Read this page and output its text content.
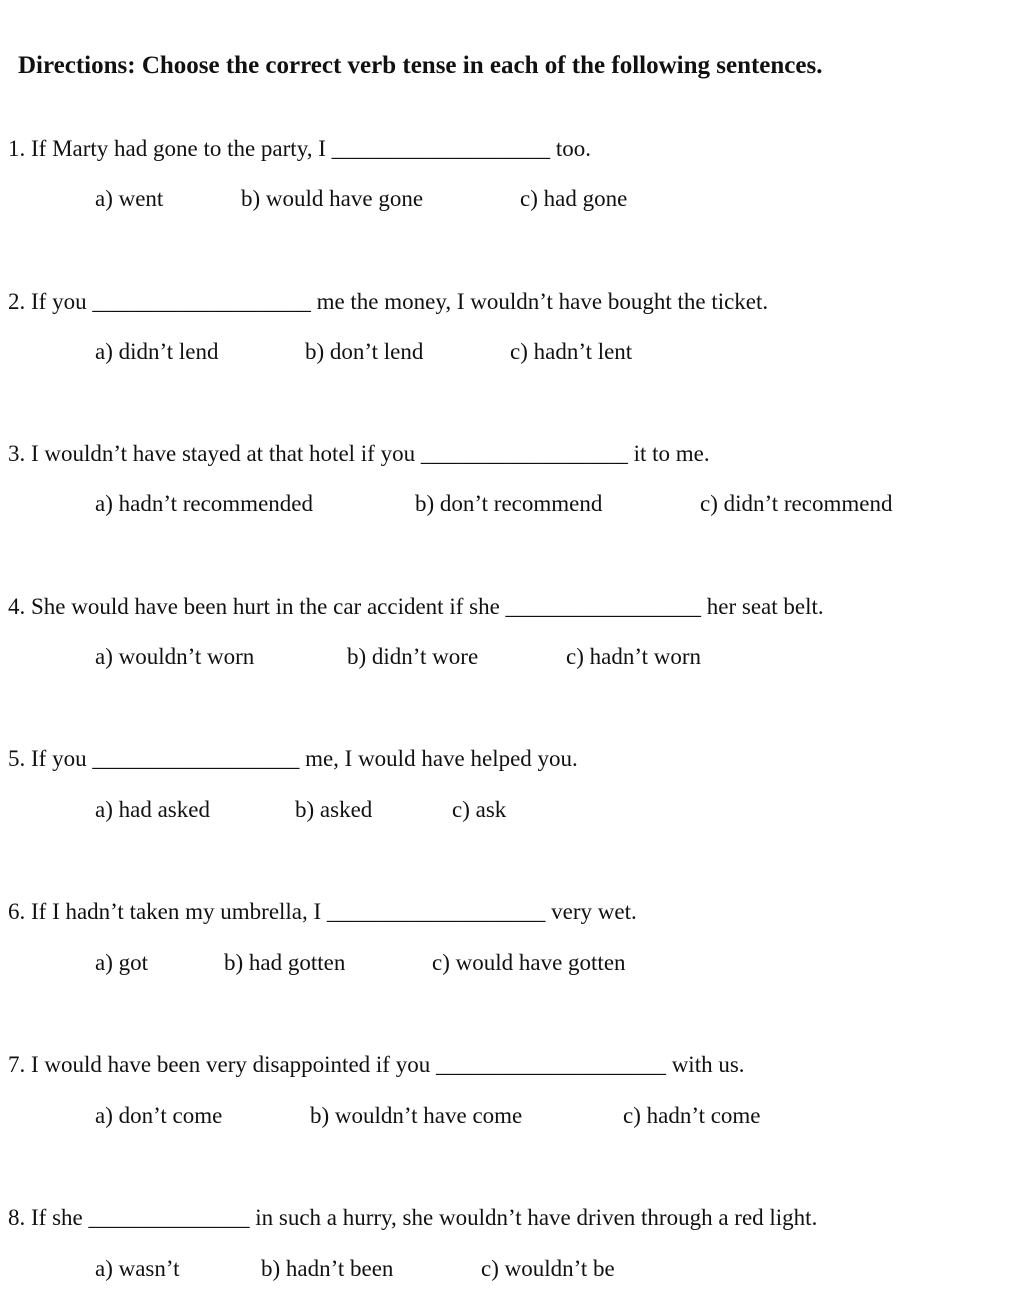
Directions: Choose the correct verb tense in each of the following sentences.
1. If Marty had gone to the party, I ___________________ too.
a) went	b) would have gone	c) had gone
2. If you ___________________ me the money, I wouldn’t have bought the ticket.
a) didn’t lend	b) don’t lend	c) hadn’t lent
3. I wouldn’t have stayed at that hotel if you __________________ it to me.
a) hadn’t recommended	b) don’t recommend	c) didn’t recommend
4. She would have been hurt in the car accident if she _________________ her seat belt.
a) wouldn’t worn	b) didn’t wore	c) hadn’t worn
5. If you __________________ me, I would have helped you.
a) had asked	b) asked	c) ask
6. If I hadn’t taken my umbrella, I ___________________ very wet.
a) got	b) had gotten	c) would have gotten
7. I would have been very disappointed if you ____________________ with us.
a) don’t come	b) wouldn’t have come	c) hadn’t come
8. If she ______________ in such a hurry, she wouldn’t have driven through a red light.
a) wasn’t	b) hadn’t been	c) wouldn’t be
